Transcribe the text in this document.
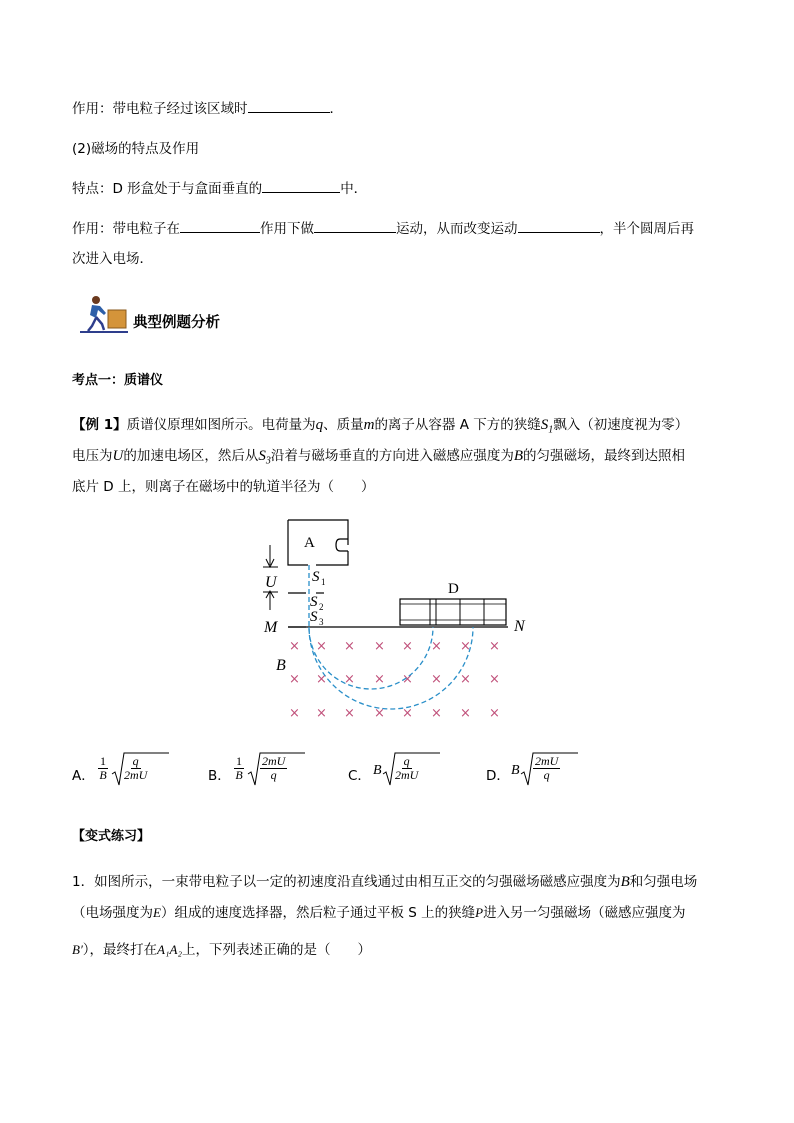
作用：带电粒子经过该区域时	．
(2)磁场的特点及作用
特点：D 形盒处于与盒面垂直的	中．
作用：带电粒子在	作用下做	运动，从而改变运动	，半个圆周后再
次进入电场．
典型例题分析
考点一：质谱仪
【例 1】质谱仪原理如图所示。电荷量为q、质量m的离子从容器 A 下方的狭缝$S_1$飘入（初速度视为零）
电压为U的加速电场区，然后从$S_3$沿着与磁场垂直的方向进入磁感应强度为B的匀强磁场，最终到达照相
底片 D 上，则离子在磁场中的轨道半径为（　　）
A
U S 1
S 2
S 3
M	N
D
B
× × × × × × × ×
× × × × × × × ×
× × × × × × × ×
A． $\frac{1}{B} \frac{q}{2mU}$	B． $\frac{1}{B} \frac{2mU}{q}$	C． B $\frac{q}{2mU}$	D． B $\frac{2mU}{q}$
【变式练习】
1．如图所示，一束带电粒子以一定的初速度沿直线通过由相互正交的匀强磁场磁感应强度为B和匀强电场
（电场强度为E）组成的速度选择器，然后粒子通过平板 S 上的狭缝P进入另一匀强磁场（磁感应强度为
B′），最终打在A₁A₂上，下列表述正确的是（　　）
